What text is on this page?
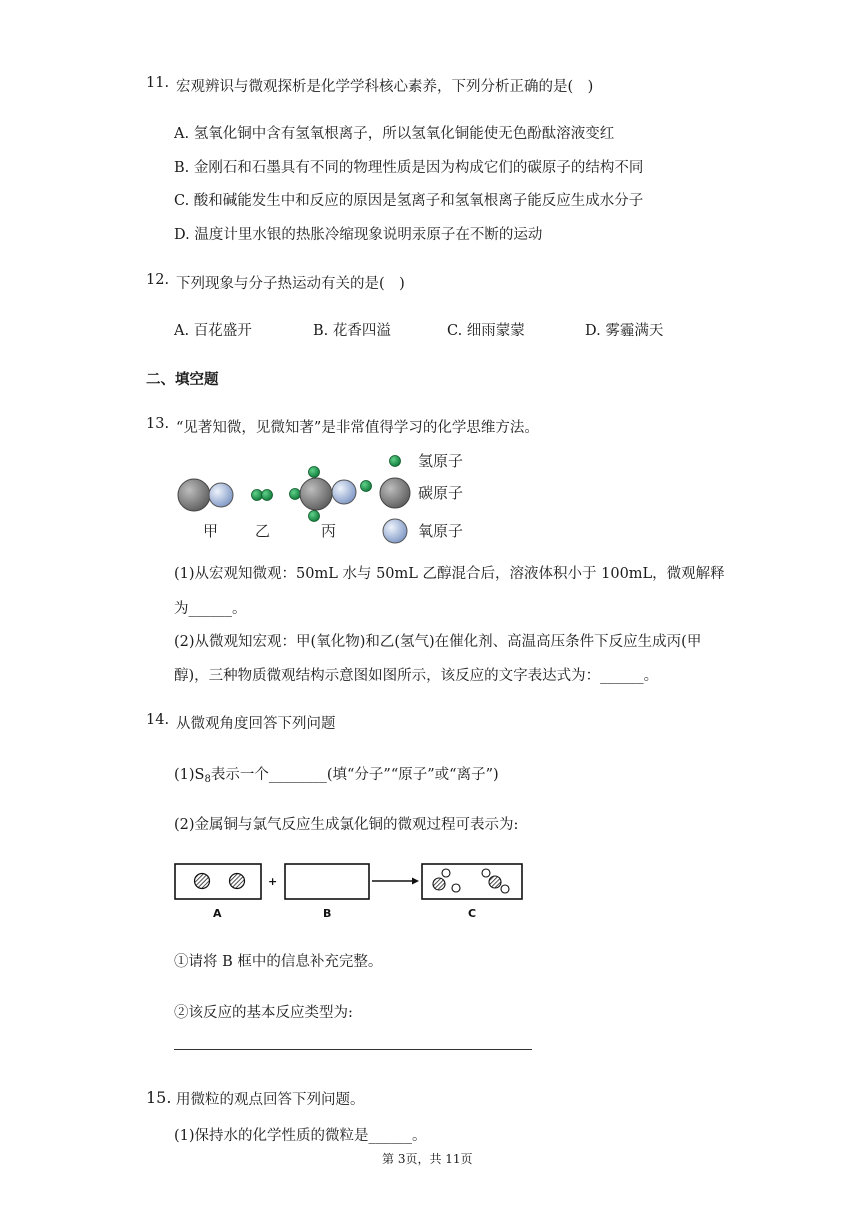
11. 宏观辨识与微观探析是化学学科核心素养，下列分析正确的是(　)
A. 氢氧化铜中含有氢氧根离子，所以氢氧化铜能使无色酚酞溶液变红
B. 金刚石和石墨具有不同的物理性质是因为构成它们的碳原子的结构不同
C. 酸和碱能发生中和反应的原因是氢离子和氢氧根离子能反应生成水分子
D. 温度计里水银的热胀冷缩现象说明汞原子在不断的运动
12. 下列现象与分子热运动有关的是(　)
A. 百花盛开	B. 花香四溢	C. 细雨蒙蒙	D. 雾霾满天
二、填空题
13. “见著知微，见微知著”是非常值得学习的化学思维方法。
甲 乙	丙
氢原子
碳原子
氧原子
(1)从宏观知微观：50mL 水与 50mL 乙醇混合后，溶液体积小于 100mL，微观解释
为______。
(2)从微观知宏观：甲(氧化物)和乙(氢气)在催化剂、高温高压条件下反应生成丙(甲
醇)，三种物质微观结构示意图如图所示，该反应的文字表达式为：______。
14. 从微观角度回答下列问题
$(1)S_8$表示一个________(填“分子”“原子”或“离子”)
(2)金属铜与氯气反应生成氯化铜的微观过程可表示为:
+
A	B	C
①请将 B 框中的信息补充完整。
②该反应的基本反应类型为:
15. 用微粒的观点回答下列问题。
(1)保持水的化学性质的微粒是______。
第 3页，共 11页
